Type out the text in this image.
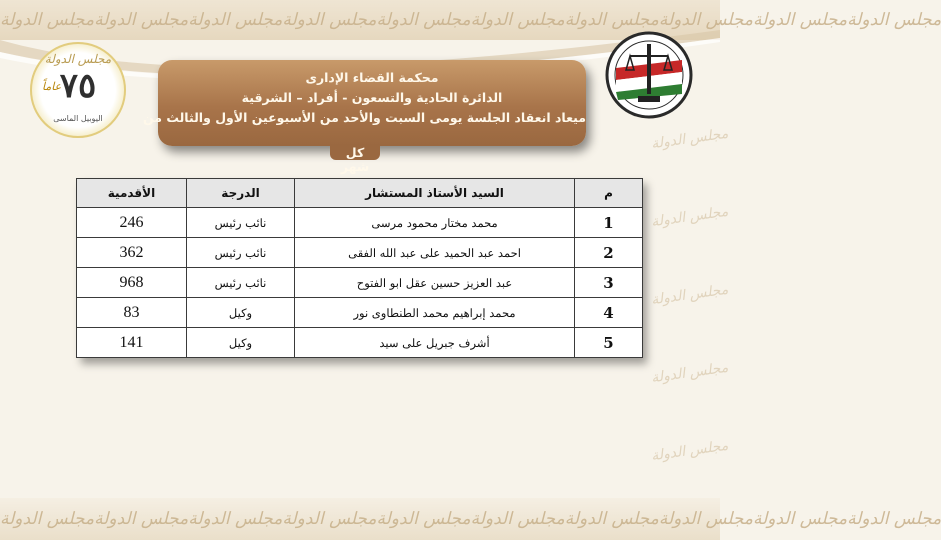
مجلس الدولة مجلس الدولة مجلس الدولة مجلس الدولة مجلس الدولة مجلس الدولة مجلس الدولة مجلس الدولة مجلس الدولة مجلس الدولة
مجلس الدولة
مجلس الدولة
مجلس الدولة
مجلس الدولة
مجلس الدولة
مجلس الدولة
٧٥
عاماً
اليوبيل الماسى
محكمة القضاء الإدارى
الدائرة الحادية والتسعون - أفراد – الشرقية
ميعاد انعقاد الجلسة يومى السبت والأحد من الأسبوعين الأول والثالث من
كل شهر
م	السيد الأستاذ المستشار	الدرجة	الأقدمية
1	محمد مختار محمود مرسى	نائب رئيس	246
2	احمد عبد الحميد على عبد الله الفقى	نائب رئيس	362
3	عبد العزيز حسين عقل ابو الفتوح	نائب رئيس	968
4	محمد إبراهيم محمد الطنطاوى نور	وكيل	83
5	أشرف جبريل على سيد	وكيل	141
مجلس الدولة مجلس الدولة مجلس الدولة مجلس الدولة مجلس الدولة مجلس الدولة مجلس الدولة مجلس الدولة مجلس الدولة مجلس الدولة
